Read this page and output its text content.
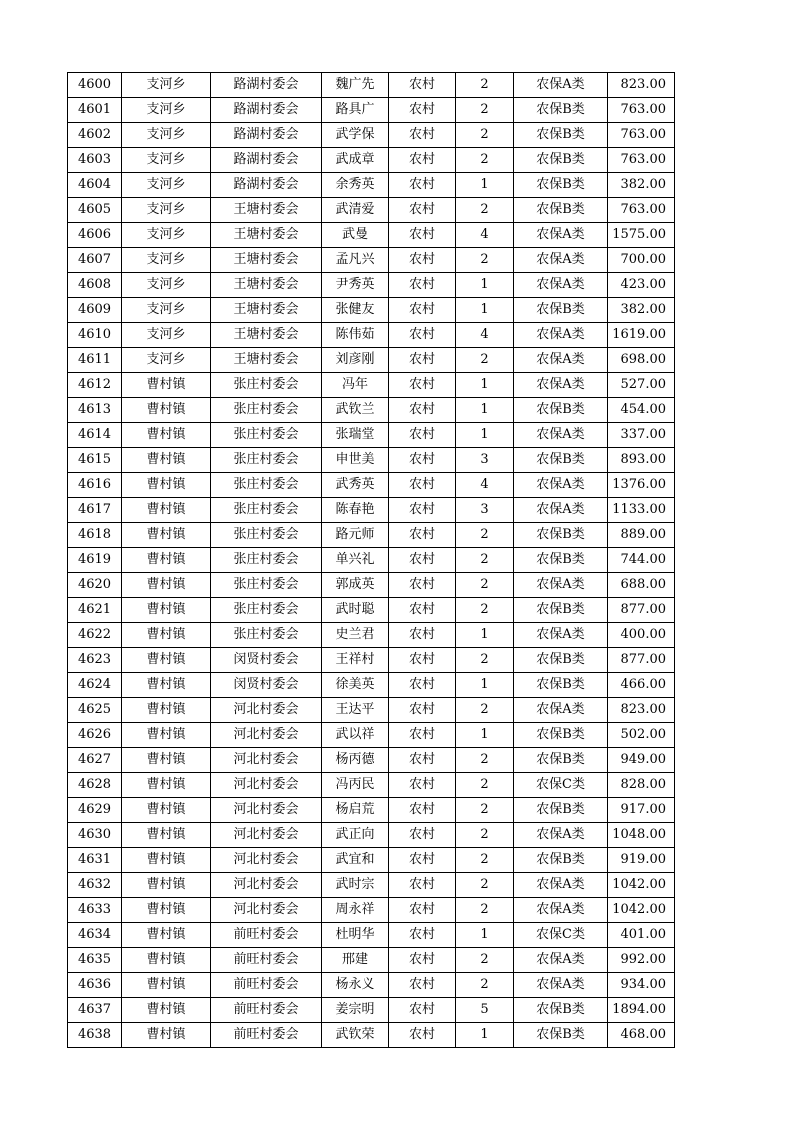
4600	支河乡	路湖村委会	魏广先	农村	2	农保A类	823.00
4601	支河乡	路湖村委会	路具广	农村	2	农保B类	763.00
4602	支河乡	路湖村委会	武学保	农村	2	农保B类	763.00
4603	支河乡	路湖村委会	武成章	农村	2	农保B类	763.00
4604	支河乡	路湖村委会	余秀英	农村	1	农保B类	382.00
4605	支河乡	王塘村委会	武清爱	农村	2	农保B类	763.00
4606	支河乡	王塘村委会	武曼	农村	4	农保A类	1575.00
4607	支河乡	王塘村委会	孟凡兴	农村	2	农保A类	700.00
4608	支河乡	王塘村委会	尹秀英	农村	1	农保A类	423.00
4609	支河乡	王塘村委会	张健友	农村	1	农保B类	382.00
4610	支河乡	王塘村委会	陈伟茹	农村	4	农保A类	1619.00
4611	支河乡	王塘村委会	刘彦刚	农村	2	农保A类	698.00
4612	曹村镇	张庄村委会	冯年	农村	1	农保A类	527.00
4613	曹村镇	张庄村委会	武钦兰	农村	1	农保B类	454.00
4614	曹村镇	张庄村委会	张瑞堂	农村	1	农保A类	337.00
4615	曹村镇	张庄村委会	申世美	农村	3	农保B类	893.00
4616	曹村镇	张庄村委会	武秀英	农村	4	农保A类	1376.00
4617	曹村镇	张庄村委会	陈春艳	农村	3	农保A类	1133.00
4618	曹村镇	张庄村委会	路元师	农村	2	农保B类	889.00
4619	曹村镇	张庄村委会	单兴礼	农村	2	农保B类	744.00
4620	曹村镇	张庄村委会	郭成英	农村	2	农保A类	688.00
4621	曹村镇	张庄村委会	武时聪	农村	2	农保B类	877.00
4622	曹村镇	张庄村委会	史兰君	农村	1	农保A类	400.00
4623	曹村镇	闵贤村委会	王祥村	农村	2	农保B类	877.00
4624	曹村镇	闵贤村委会	徐美英	农村	1	农保B类	466.00
4625	曹村镇	河北村委会	王达平	农村	2	农保A类	823.00
4626	曹村镇	河北村委会	武以祥	农村	1	农保B类	502.00
4627	曹村镇	河北村委会	杨丙德	农村	2	农保B类	949.00
4628	曹村镇	河北村委会	冯丙民	农村	2	农保C类	828.00
4629	曹村镇	河北村委会	杨启荒	农村	2	农保B类	917.00
4630	曹村镇	河北村委会	武正向	农村	2	农保A类	1048.00
4631	曹村镇	河北村委会	武宜和	农村	2	农保B类	919.00
4632	曹村镇	河北村委会	武时宗	农村	2	农保A类	1042.00
4633	曹村镇	河北村委会	周永祥	农村	2	农保A类	1042.00
4634	曹村镇	前旺村委会	杜明华	农村	1	农保C类	401.00
4635	曹村镇	前旺村委会	邢建	农村	2	农保A类	992.00
4636	曹村镇	前旺村委会	杨永义	农村	2	农保A类	934.00
4637	曹村镇	前旺村委会	姜宗明	农村	5	农保B类	1894.00
4638	曹村镇	前旺村委会	武钦荣	农村	1	农保B类	468.00
